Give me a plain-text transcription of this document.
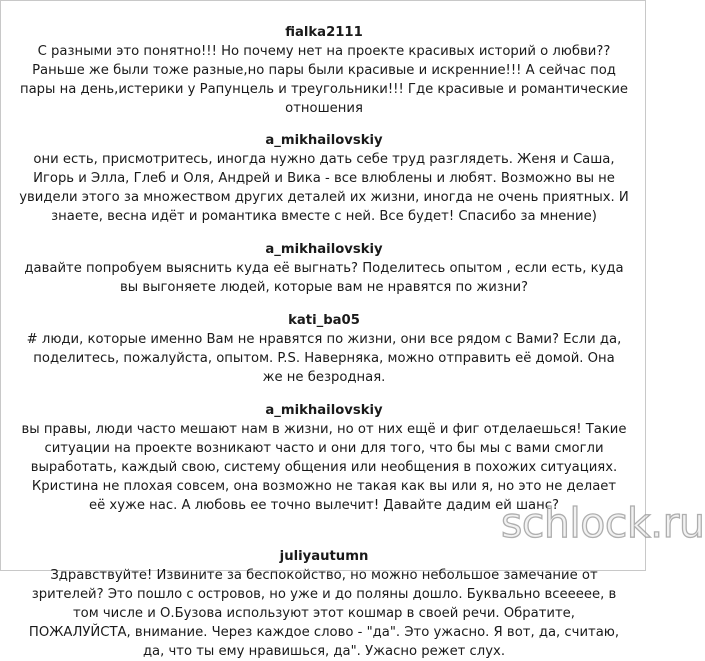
fialka2111
С разными это понятно!!! Но почему нет на проекте красивых историй о любви??
Раньше же были тоже разные,но пары были красивые и искренние!!! А сейчас под
пары на день,истерики у Рапунцель и треугольники!!! Где красивые и романтические
отношения
a_mikhailovskiy
они есть, присмотритесь, иногда нужно дать себе труд разглядеть. Женя и Саша,
Игорь и Элла, Глеб и Оля, Андрей и Вика - все влюблены и любят. Возможно вы не
увидели этого за множеством других деталей их жизни, иногда не очень приятных. И
знаете, весна идёт и романтика вместе с ней. Все будет! Спасибо за мнение)
a_mikhailovskiy
давайте попробуем выяснить куда её выгнать? Поделитесь опытом , если есть, куда
вы выгоняете людей, которые вам не нравятся по жизни?
kati_ba05
# люди, которые именно Вам не нравятся по жизни, они все рядом с Вами? Если да,
поделитесь, пожалуйста, опытом. P.S. Наверняка, можно отправить её домой. Она
же не безродная.
a_mikhailovskiy
вы правы, люди часто мешают нам в жизни, но от них ещё и фиг отделаешься! Такие
ситуации на проекте возникают часто и они для того, что бы мы с вами смогли
выработать, каждый свою, систему общения или необщения в похожих ситуациях.
Кристина не плохая совсем, она возможно не такая как вы или я, но это не делает
её хуже нас. А любовь ее точно вылечит! Давайте дадим ей шанс?
juliyautumn
Здравствуйте! Извините за беспокойство, но можно небольшое замечание от
зрителей? Это пошло с островов, но уже и до поляны дошло. Буквально всеееее, в
том числе и О.Бузова используют этот кошмар в своей речи. Обратите,
ПОЖАЛУЙСТА, внимание. Через каждое слово - "да". Это ужасно. Я вот, да, считаю,
да, что ты ему нравишься, да". Ужасно режет слух.
schlock.ru
